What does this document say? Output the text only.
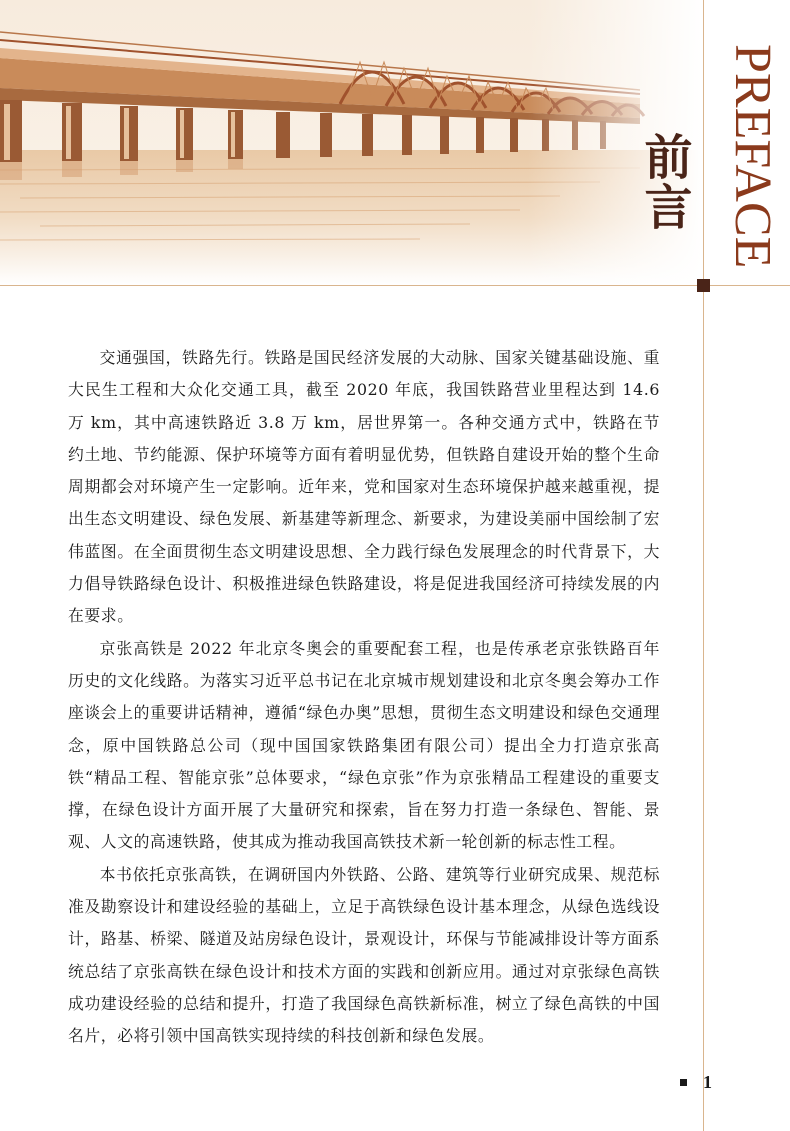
PREFACE
前言

交通强国，铁路先行。铁路是国民经济发展的大动脉、国家关键基础设施、重大民生工程和大众化交通工具，截至 2020 年底，我国铁路营业里程达到 14.6 万 km，其中高速铁路近 3.8 万 km，居世界第一。各种交通方式中，铁路在节约土地、节约能源、保护环境等方面有着明显优势，但铁路自建设开始的整个生命周期都会对环境产生一定影响。近年来，党和国家对生态环境保护越来越重视，提出生态文明建设、绿色发展、新基建等新理念、新要求，为建设美丽中国绘制了宏伟蓝图。在全面贯彻生态文明建设思想、全力践行绿色发展理念的时代背景下，大力倡导铁路绿色设计、积极推进绿色铁路建设，将是促进我国经济可持续发展的内在要求。

京张高铁是 2022 年北京冬奥会的重要配套工程，也是传承老京张铁路百年历史的文化线路。为落实习近平总书记在北京城市规划建设和北京冬奥会筹办工作座谈会上的重要讲话精神，遵循“绿色办奥”思想，贯彻生态文明建设和绿色交通理念，原中国铁路总公司（现中国国家铁路集团有限公司）提出全力打造京张高铁“精品工程、智能京张”总体要求，“绿色京张”作为京张精品工程建设的重要支撑，在绿色设计方面开展了大量研究和探索，旨在努力打造一条绿色、智能、景观、人文的高速铁路，使其成为推动我国高铁技术新一轮创新的标志性工程。

本书依托京张高铁，在调研国内外铁路、公路、建筑等行业研究成果、规范标准及勘察设计和建设经验的基础上，立足于高铁绿色设计基本理念，从绿色选线设计，路基、桥梁、隧道及站房绿色设计，景观设计，环保与节能减排设计等方面系统总结了京张高铁在绿色设计和技术方面的实践和创新应用。通过对京张绿色高铁成功建设经验的总结和提升，打造了我国绿色高铁新标准，树立了绿色高铁的中国名片，必将引领中国高铁实现持续的科技创新和绿色发展。

1
